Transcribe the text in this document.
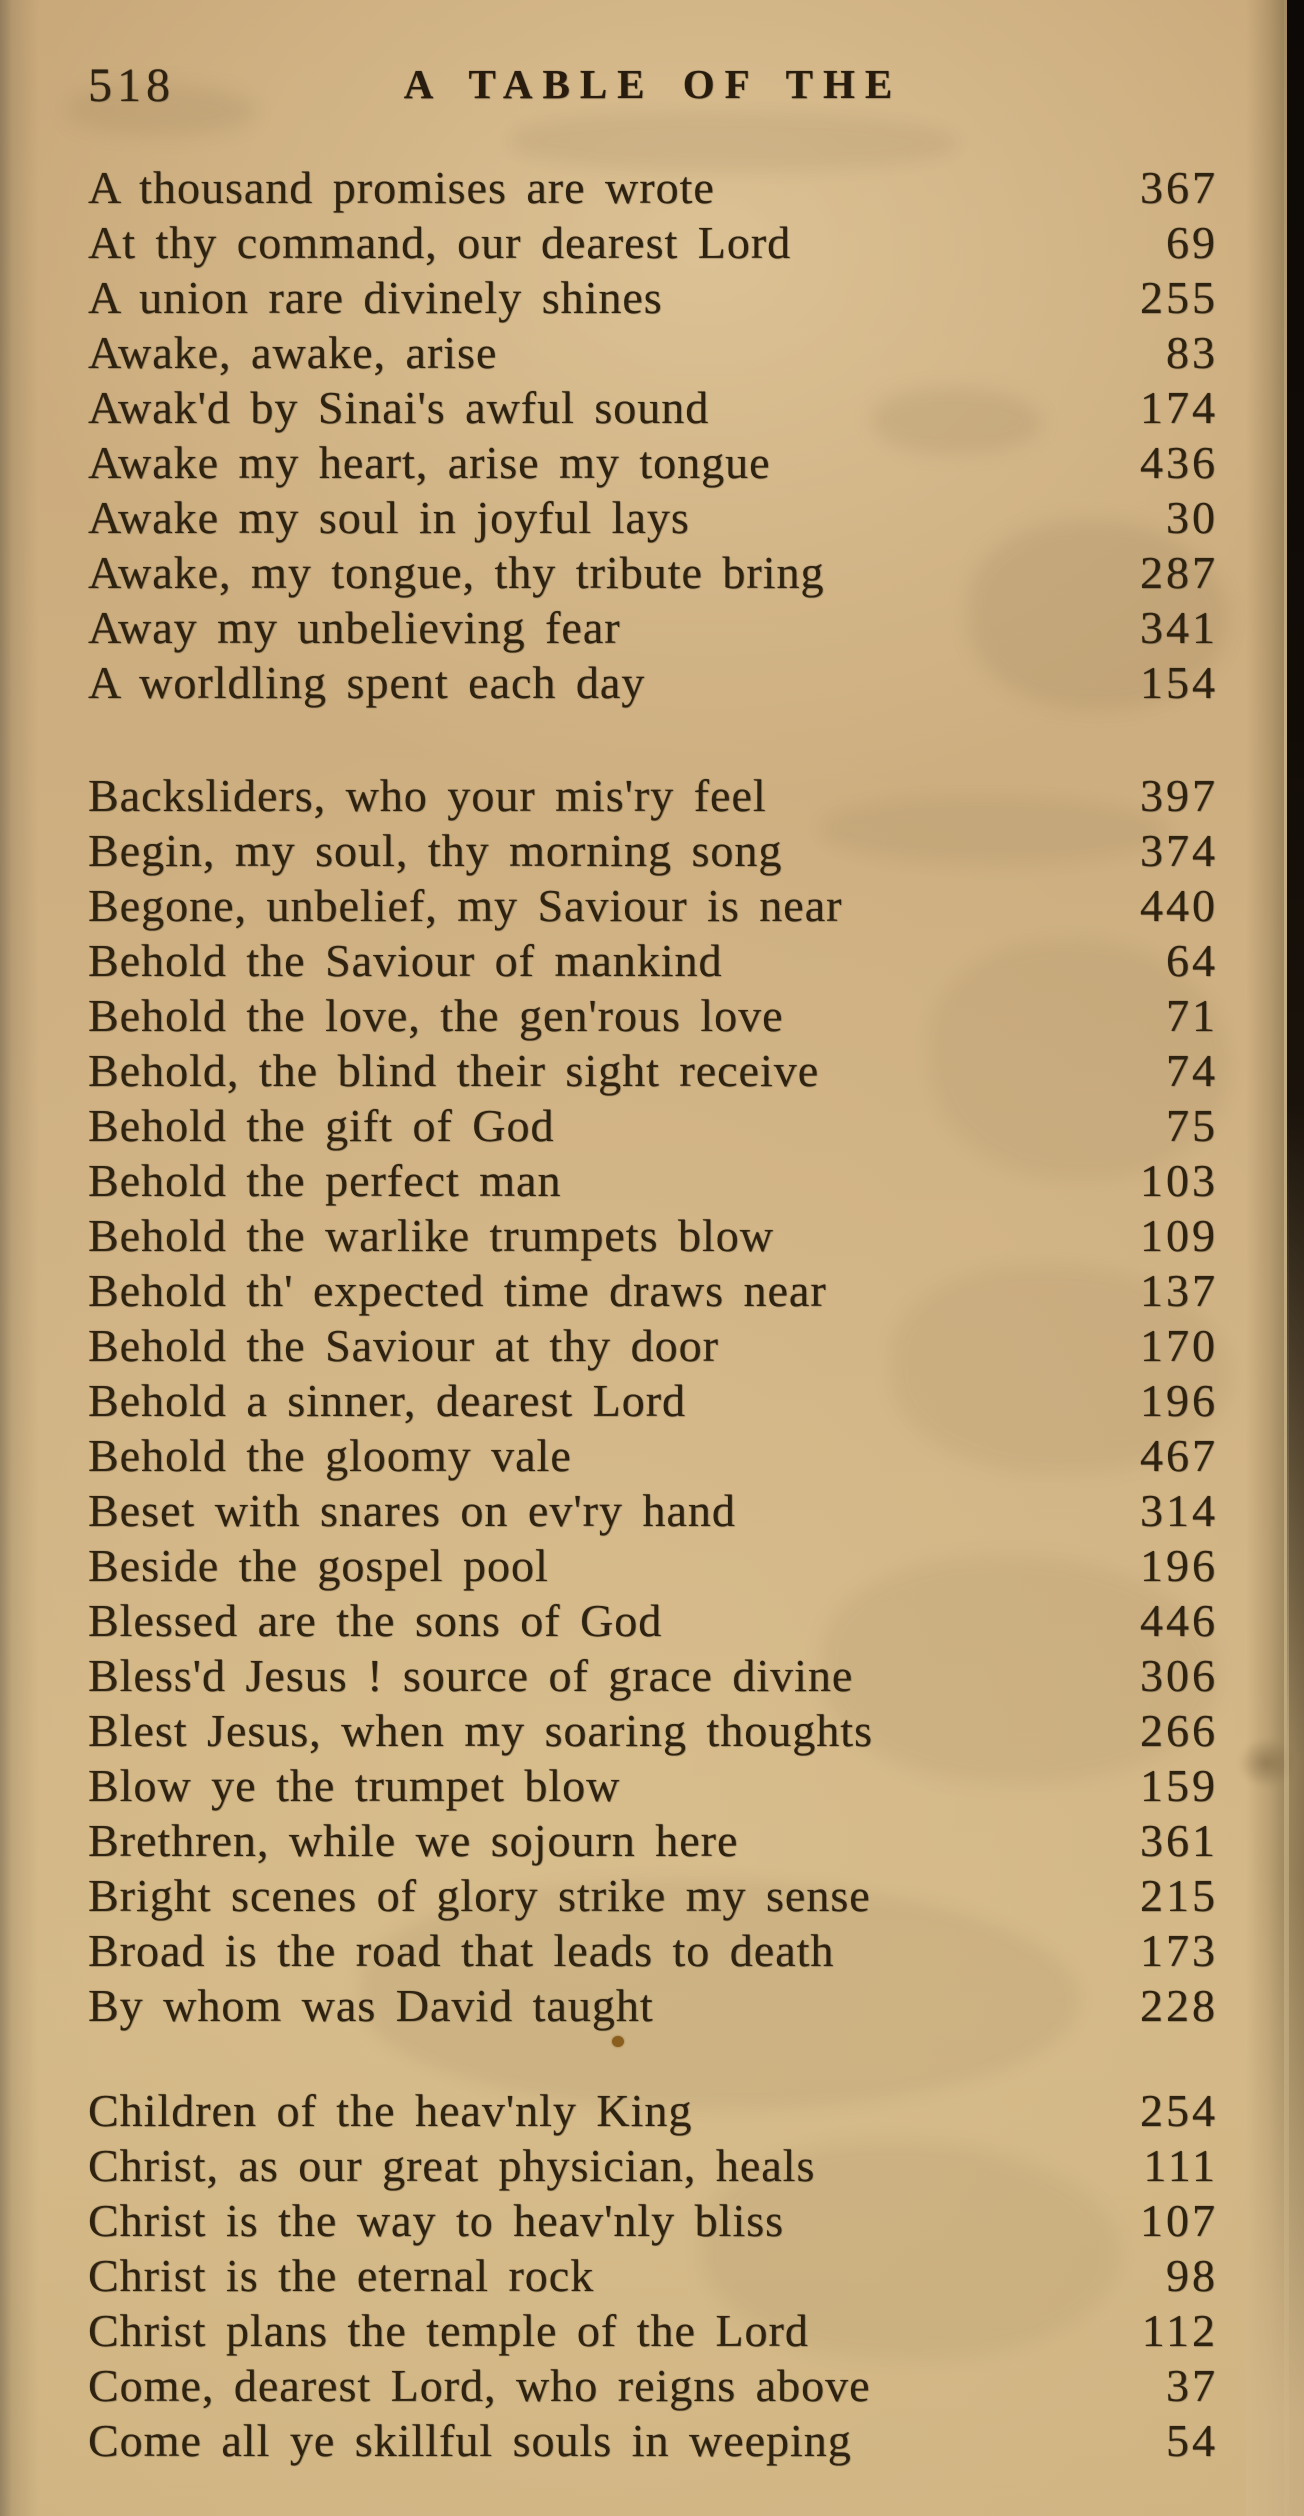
518	A TABLE OF THE
A thousand promises are wrote	367
At thy command, our dearest Lord	69
A union rare divinely shines	255
Awake, awake, arise	83
Awak'd by Sinai's awful sound	174
Awake my heart, arise my tongue	436
Awake my soul in joyful lays	30
Awake, my tongue, thy tribute bring	287
Away my unbelieving fear	341
A worldling spent each day	154
Backsliders, who your mis'ry feel	397
Begin, my soul, thy morning song	374
Begone, unbelief, my Saviour is near	440
Behold the Saviour of mankind	64
Behold the love, the gen'rous love	71
Behold, the blind their sight receive	74
Behold the gift of God	75
Behold the perfect man	103
Behold the warlike trumpets blow	109
Behold th' expected time draws near	137
Behold the Saviour at thy door	170
Behold a sinner, dearest Lord	196
Behold the gloomy vale	467
Beset with snares on ev'ry hand	314
Beside the gospel pool	196
Blessed are the sons of God	446
Bless'd Jesus ! source of grace divine	306
Blest Jesus, when my soaring thoughts	266
Blow ye the trumpet blow	159
Brethren, while we sojourn here	361
Bright scenes of glory strike my sense	215
Broad is the road that leads to death	173
By whom was David taught	228
Children of the heav'nly King	254
Christ, as our great physician, heals	111
Christ is the way to heav'nly bliss	107
Christ is the eternal rock	98
Christ plans the temple of the Lord	112
Come, dearest Lord, who reigns above	37
Come all ye skillful souls in weeping	54
